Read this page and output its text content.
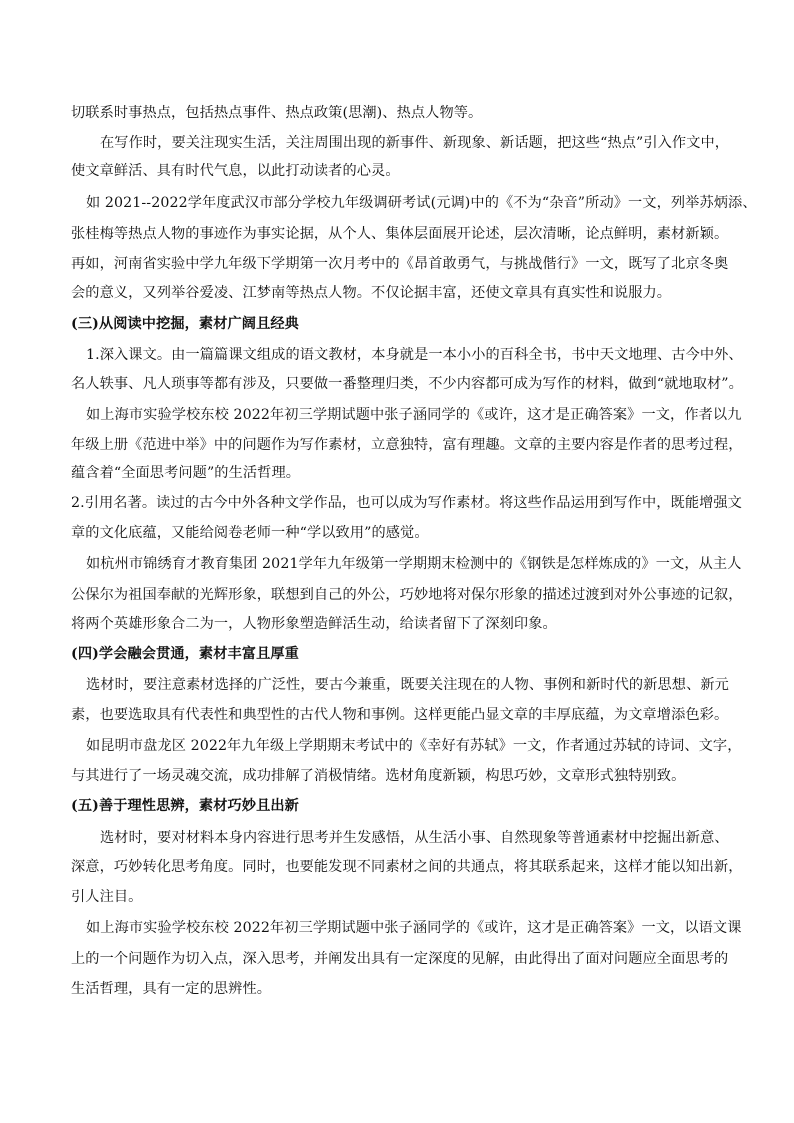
切联系时事热点，包括热点事件、热点政策(思潮)、热点人物等。
在写作时，要关注现实生活，关注周围出现的新事件、新现象、新话题，把这些“热点”引入作文中，
使文章鲜活、具有时代气息，以此打动读者的心灵。
如 2021--2022学年度武汉市部分学校九年级调研考试(元调)中的《不为“杂音”所动》一文，列举苏炳添、
张桂梅等热点人物的事迹作为事实论据，从个人、集体层面展开论述，层次清晰，论点鲜明，素材新颖。
再如，河南省实验中学九年级下学期第一次月考中的《昂首敢勇气，与挑战偕行》一文，既写了北京冬奥
会的意义，又列举谷爱凌、江梦南等热点人物。不仅论据丰富，还使文章具有真实性和说服力。
(三)从阅读中挖掘，素材广阔且经典
1.深入课文。由一篇篇课文组成的语文教材，本身就是一本小小的百科全书，书中天文地理、古今中外、
名人轶事、凡人琐事等都有涉及，只要做一番整理归类，不少内容都可成为写作的材料，做到“就地取材”。
如上海市实验学校东校 2022年初三学期试题中张子涵同学的《或许，这才是正确答案》一文，作者以九
年级上册《范进中举》中的问题作为写作素材，立意独特，富有理趣。文章的主要内容是作者的思考过程，
蕴含着“全面思考问题”的生活哲理。
2.引用名著。读过的古今中外各种文学作品，也可以成为写作素材。将这些作品运用到写作中，既能增强文
章的文化底蕴，又能给阅卷老师一种“学以致用”的感觉。
如杭州市锦绣育才教育集团 2021学年九年级第一学期期末检测中的《钢铁是怎样炼成的》一文，从主人
公保尔为祖国奉献的光辉形象，联想到自己的外公，巧妙地将对保尔形象的描述过渡到对外公事迹的记叙，
将两个英雄形象合二为一，人物形象塑造鲜活生动，给读者留下了深刻印象。
(四)学会融会贯通，素材丰富且厚重
选材时，要注意素材选择的广泛性，要古今兼重，既要关注现在的人物、事例和新时代的新思想、新元
素，也要选取具有代表性和典型性的古代人物和事例。这样更能凸显文章的丰厚底蕴，为文章增添色彩。
如昆明市盘龙区 2022年九年级上学期期末考试中的《幸好有苏轼》一文，作者通过苏轼的诗词、文字，
与其进行了一场灵魂交流，成功排解了消极情绪。选材角度新颖，构思巧妙，文章形式独特别致。
(五)善于理性思辨，素材巧妙且出新
选材时，要对材料本身内容进行思考并生发感悟，从生活小事、自然现象等普通素材中挖掘出新意、
深意，巧妙转化思考角度。同时，也要能发现不同素材之间的共通点，将其联系起来，这样才能以知出新，
引人注目。
如上海市实验学校东校 2022年初三学期试题中张子涵同学的《或许，这才是正确答案》一文，以语文课
上的一个问题作为切入点，深入思考，并阐发出具有一定深度的见解，由此得出了面对问题应全面思考的
生活哲理，具有一定的思辨性。
